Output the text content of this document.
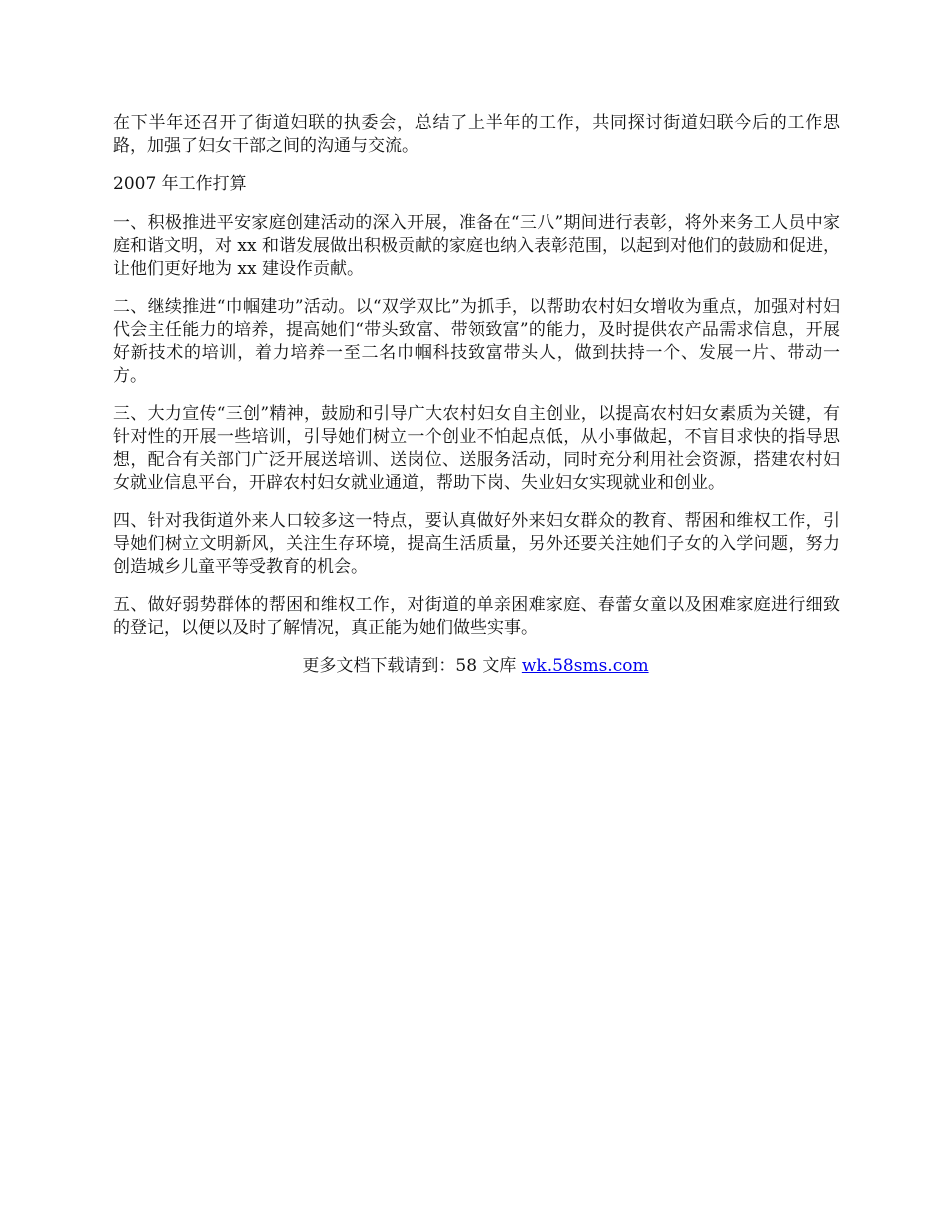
在下半年还召开了街道妇联的执委会，总结了上半年的工作，共同探讨街道妇联今后的工作思路，加强了妇女干部之间的沟通与交流。

2007 年工作打算

一、积极推进平安家庭创建活动的深入开展，准备在“三八”期间进行表彰，将外来务工人员中家庭和谐文明，对 xx 和谐发展做出积极贡献的家庭也纳入表彰范围，以起到对他们的鼓励和促进，让他们更好地为 xx 建设作贡献。

二、继续推进“巾帼建功”活动。以“双学双比”为抓手，以帮助农村妇女增收为重点，加强对村妇代会主任能力的培养，提高她们“带头致富、带领致富”的能力，及时提供农产品需求信息，开展好新技术的培训，着力培养一至二名巾帼科技致富带头人，做到扶持一个、发展一片、带动一方。

三、大力宣传“三创”精神，鼓励和引导广大农村妇女自主创业，以提高农村妇女素质为关键，有针对性的开展一些培训，引导她们树立一个创业不怕起点低，从小事做起，不盲目求快的指导思想，配合有关部门广泛开展送培训、送岗位、送服务活动，同时充分利用社会资源，搭建农村妇女就业信息平台，开辟农村妇女就业通道，帮助下岗、失业妇女实现就业和创业。

四、针对我街道外来人口较多这一特点，要认真做好外来妇女群众的教育、帮困和维权工作，引导她们树立文明新风，关注生存环境，提高生活质量，另外还要关注她们子女的入学问题，努力创造城乡儿童平等受教育的机会。

五、做好弱势群体的帮困和维权工作，对街道的单亲困难家庭、春蕾女童以及困难家庭进行细致的登记，以便以及时了解情况，真正能为她们做些实事。

更多文档下载请到：58 文库 wk.58sms.com
